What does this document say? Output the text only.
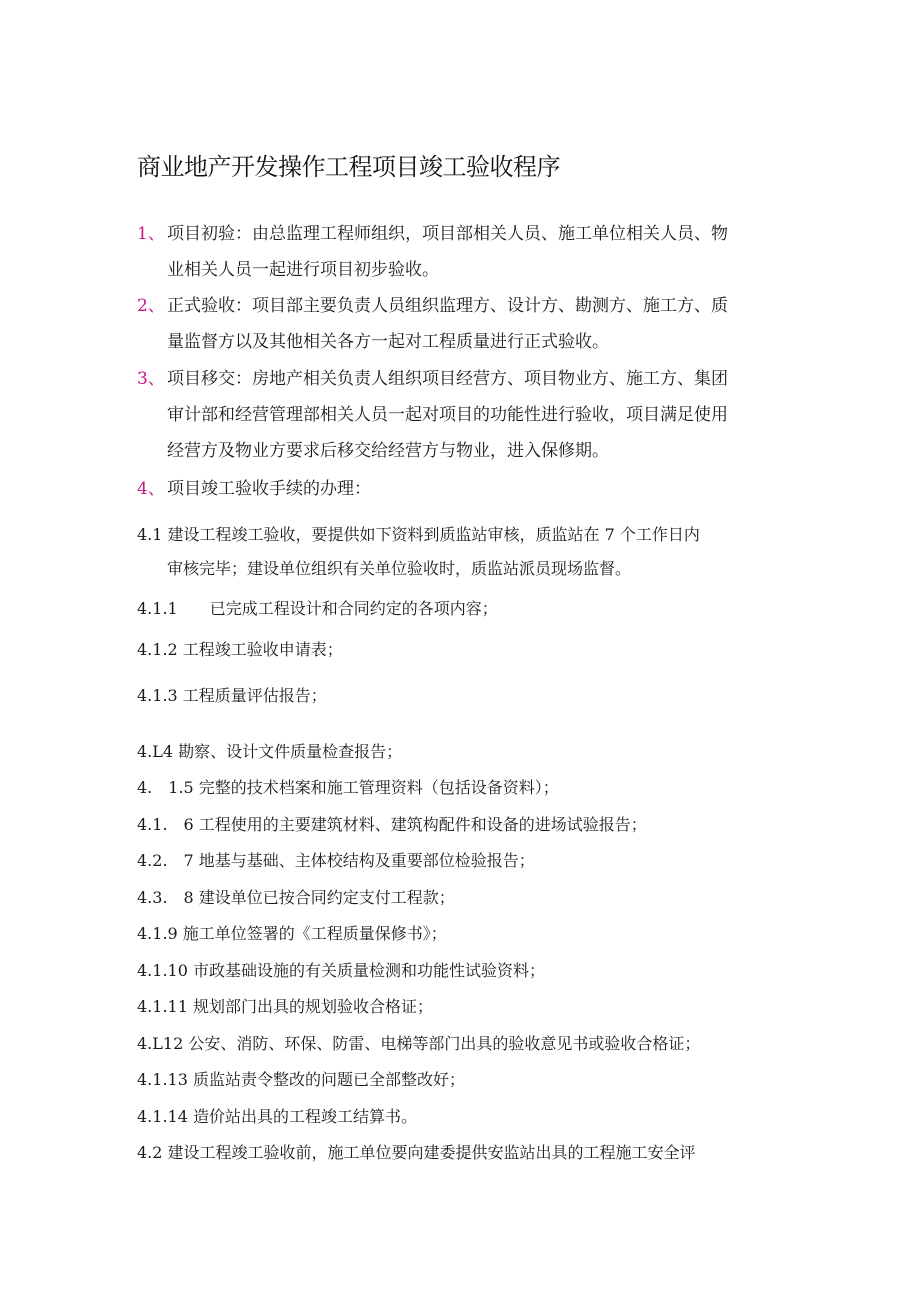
商业地产开发操作工程项目竣工验收程序
1、 项目初验：由总监理工程师组织，项目部相关人员、施工单位相关人员、物
业相关人员一起进行项目初步验收。
2、 正式验收：项目部主要负责人员组织监理方、设计方、勘测方、施工方、质
量监督方以及其他相关各方一起对工程质量进行正式验收。
3、 项目移交：房地产相关负责人组织项目经营方、项目物业方、施工方、集团
审计部和经营管理部相关人员一起对项目的功能性进行验收，项目满足使用
经营方及物业方要求后移交给经营方与物业，进入保修期。
4、 项目竣工验收手续的办理：
4.1 建设工程竣工验收，要提供如下资料到质监站审核，质监站在 7 个工作日内
审核完毕；建设单位组织有关单位验收时，质监站派员现场监督。
4.1.1　　已完成工程设计和合同约定的各项内容；
4.1.2 工程竣工验收申请表；
4.1.3 工程质量评估报告；
4.L4 勘察、设计文件质量检查报告；
4.　1.5 完整的技术档案和施工管理资料（包括设备资料）；
4.1.　6 工程使用的主要建筑材料、建筑构配件和设备的进场试验报告；
4.2.　7 地基与基础、主体校结构及重要部位检验报告；
4.3.　8 建设单位已按合同约定支付工程款；
4.1.9 施工单位签署的《工程质量保修书》；
4.1.10 市政基础设施的有关质量检测和功能性试验资料；
4.1.11 规划部门出具的规划验收合格证；
4.L12 公安、消防、环保、防雷、电梯等部门出具的验收意见书或验收合格证；
4.1.13 质监站责令整改的问题已全部整改好；
4.1.14 造价站出具的工程竣工结算书。
4.2 建设工程竣工验收前，施工单位要向建委提供安监站出具的工程施工安全评
